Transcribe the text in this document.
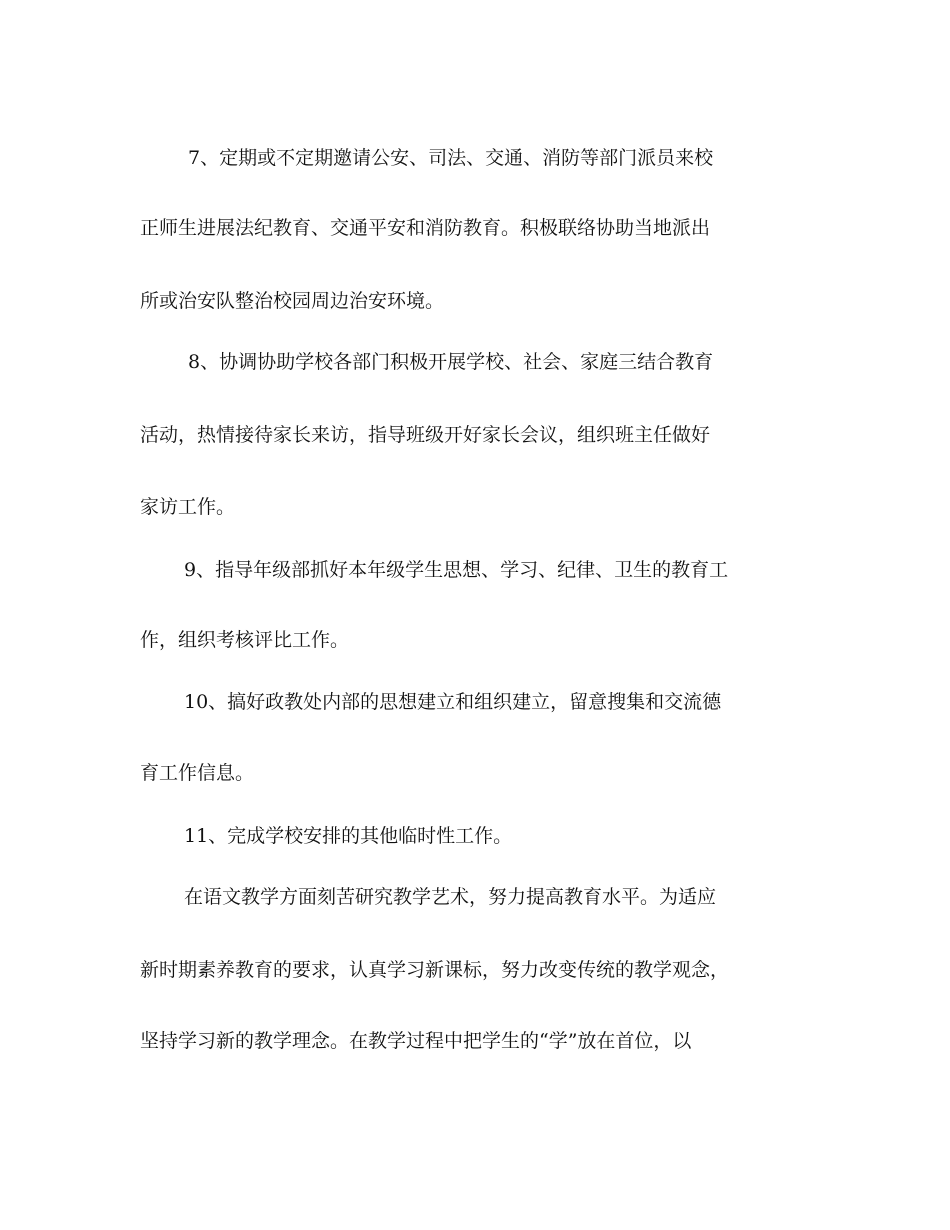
7、定期或不定期邀请公安、司法、交通、消防等部门派员来校
正师生进展法纪教育、交通平安和消防教育。积极联络协助当地派出
所或治安队整治校园周边治安环境。
8、协调协助学校各部门积极开展学校、社会、家庭三结合教育
活动，热情接待家长来访，指导班级开好家长会议，组织班主任做好
家访工作。
9、指导年级部抓好本年级学生思想、学习、纪律、卫生的教育工
作，组织考核评比工作。
10、搞好政教处内部的思想建立和组织建立，留意搜集和交流德
育工作信息。
11、完成学校安排的其他临时性工作。
在语文教学方面刻苦研究教学艺术，努力提高教育水平。为适应
新时期素养教育的要求，认真学习新课标，努力改变传统的教学观念，
坚持学习新的教学理念。在教学过程中把学生的“学”放在首位，以
